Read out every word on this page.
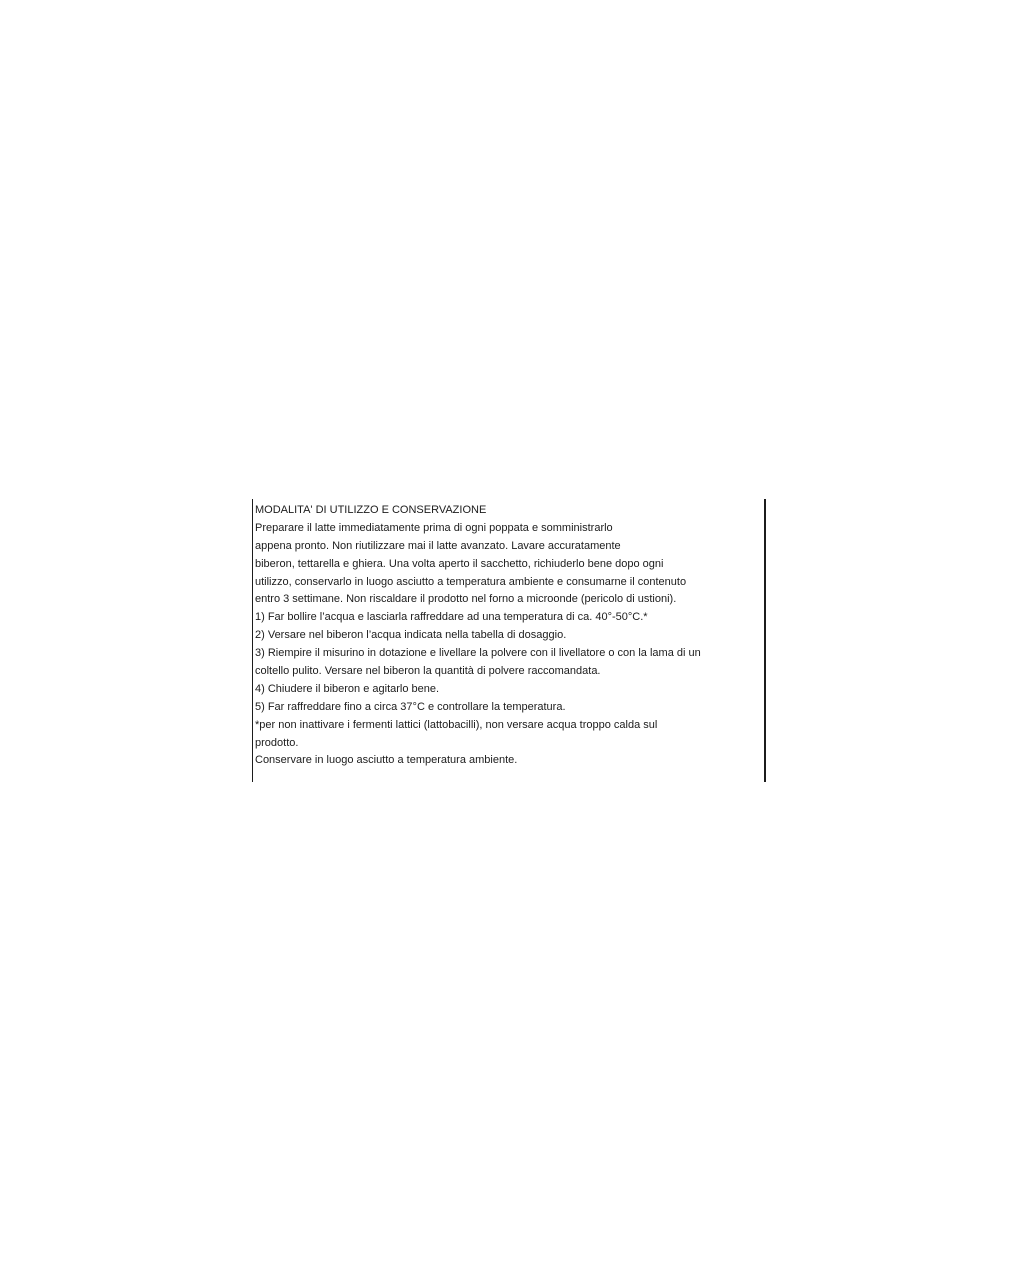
MODALITA' DI UTILIZZO E CONSERVAZIONE
Preparare il latte immediatamente prima di ogni poppata e somministrarlo
appena pronto. Non riutilizzare mai il latte avanzato. Lavare accuratamente
biberon, tettarella e ghiera. Una volta aperto il sacchetto, richiuderlo bene dopo ogni
utilizzo, conservarlo in luogo asciutto a temperatura ambiente e consumarne il contenuto
entro 3 settimane. Non riscaldare il prodotto nel forno a microonde (pericolo di ustioni).
1) Far bollire l’acqua e lasciarla raffreddare ad una temperatura di ca. 40°-50°C.*
2) Versare nel biberon l’acqua indicata nella tabella di dosaggio.
3) Riempire il misurino in dotazione e livellare la polvere con il livellatore o con la lama di un
coltello pulito. Versare nel biberon la quantità di polvere raccomandata.
4) Chiudere il biberon e agitarlo bene.
5) Far raffreddare fino a circa 37°C e controllare la temperatura.
*per non inattivare i fermenti lattici (lattobacilli), non versare acqua troppo calda sul
prodotto.
Conservare in luogo asciutto a temperatura ambiente.
